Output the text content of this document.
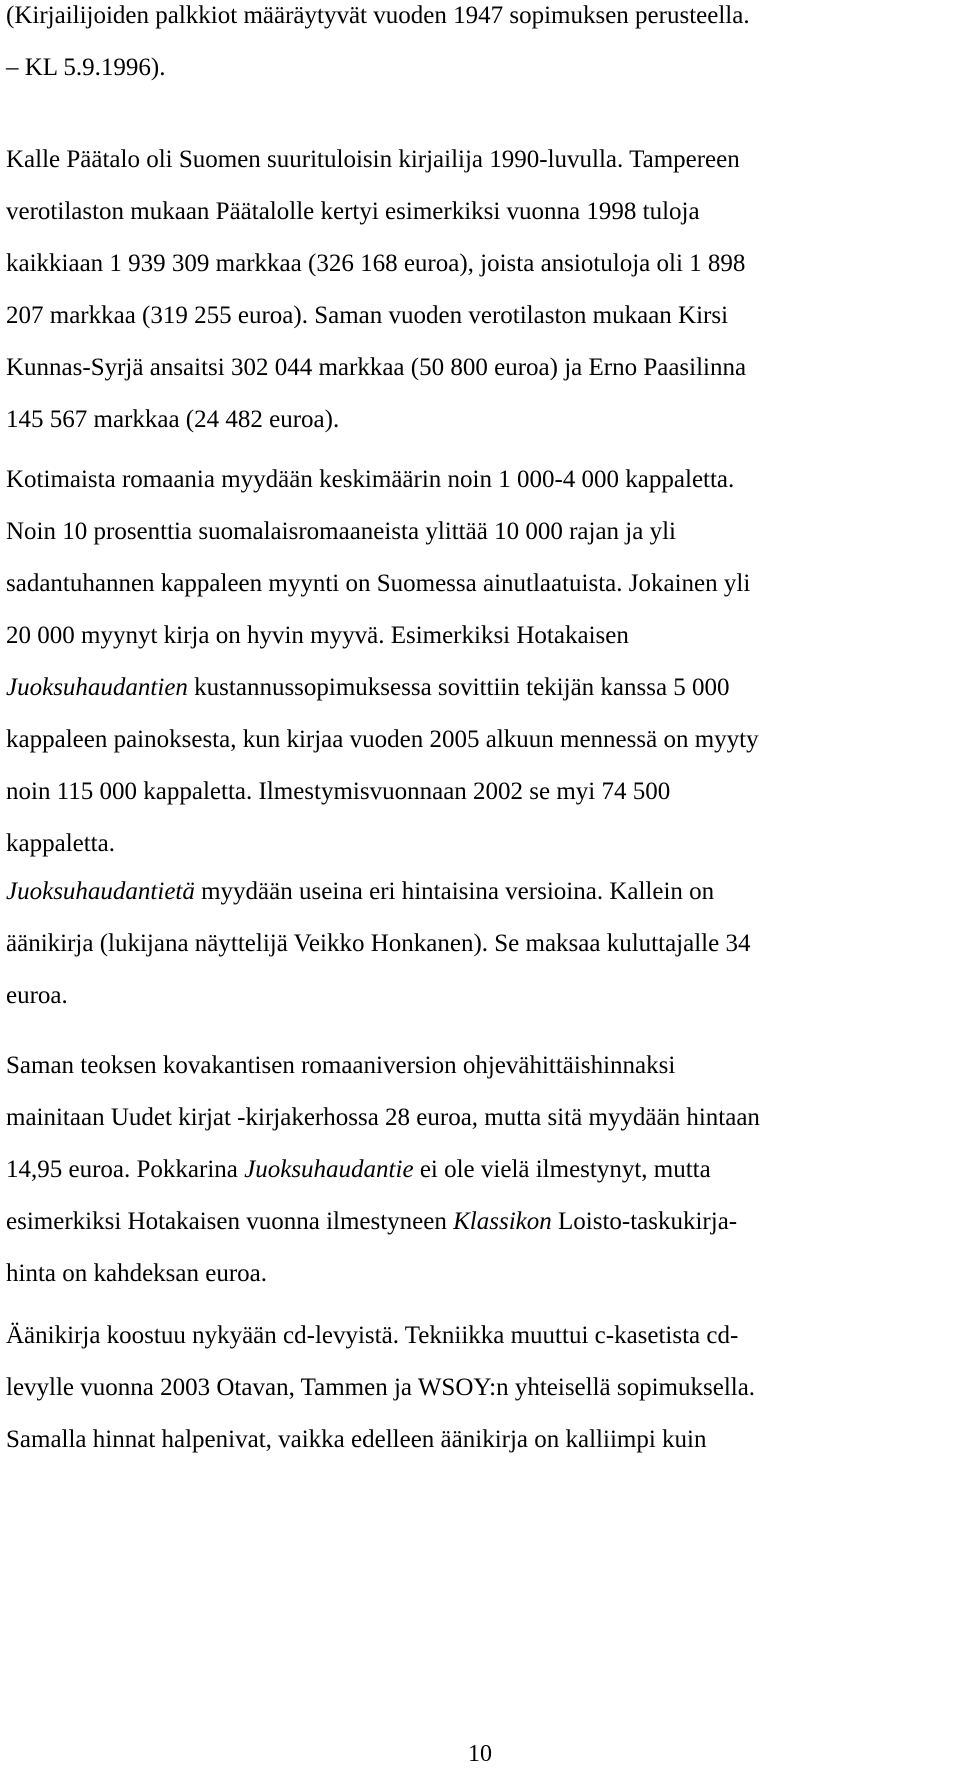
(Kirjailijoiden palkkiot määräytyvät vuoden 1947 sopimuksen perusteella.
– KL 5.9.1996).

Kalle Päätalo oli Suomen suurituloisin kirjailija 1990-luvulla. Tampereen
verotilaston mukaan Päätalolle kertyi esimerkiksi vuonna 1998 tuloja
kaikkiaan 1 939 309 markkaa (326 168 euroa), joista ansiotuloja oli 1 898
207 markkaa (319 255 euroa). Saman vuoden verotilaston mukaan Kirsi
Kunnas-Syrjä ansaitsi 302 044 markkaa (50 800 euroa) ja Erno Paasilinna
145 567 markkaa (24 482 euroa).

Kotimaista romaania myydään keskimäärin noin 1 000-4 000 kappaletta.
Noin 10 prosenttia suomalaisromaaneista ylittää 10 000 rajan ja yli
sadantuhannen kappaleen myynti on Suomessa ainutlaatuista. Jokainen yli
20 000 myynyt kirja on hyvin myyvä. Esimerkiksi Hotakaisen
Juoksuhaudantien kustannussopimuksessa sovittiin tekijän kanssa 5 000
kappaleen painoksesta, kun kirjaa vuoden 2005 alkuun mennessä on myyty
noin 115 000 kappaletta. Ilmestymisvuonnaan 2002 se myi 74 500
kappaletta.

Juoksuhaudantietä myydään useina eri hintaisina versioina. Kallein on
äänikirja (lukijana näyttelijä Veikko Honkanen). Se maksaa kuluttajalle 34
euroa.

Saman teoksen kovakantisen romaaniversion ohjevähittäishinnaksi
mainitaan Uudet kirjat -kirjakerhossa 28 euroa, mutta sitä myydään hintaan
14,95 euroa. Pokkarina Juoksuhaudantie ei ole vielä ilmestynyt, mutta
esimerkiksi Hotakaisen vuonna ilmestyneen Klassikon Loisto-taskukirja-
hinta on kahdeksan euroa.

Äänikirja koostuu nykyään cd-levyistä. Tekniikka muuttui c-kasetista cd-
levylle vuonna 2003 Otavan, Tammen ja WSOY:n yhteisellä sopimuksella.
Samalla hinnat halpenivat, vaikka edelleen äänikirja on kalliimpi kuin

10
